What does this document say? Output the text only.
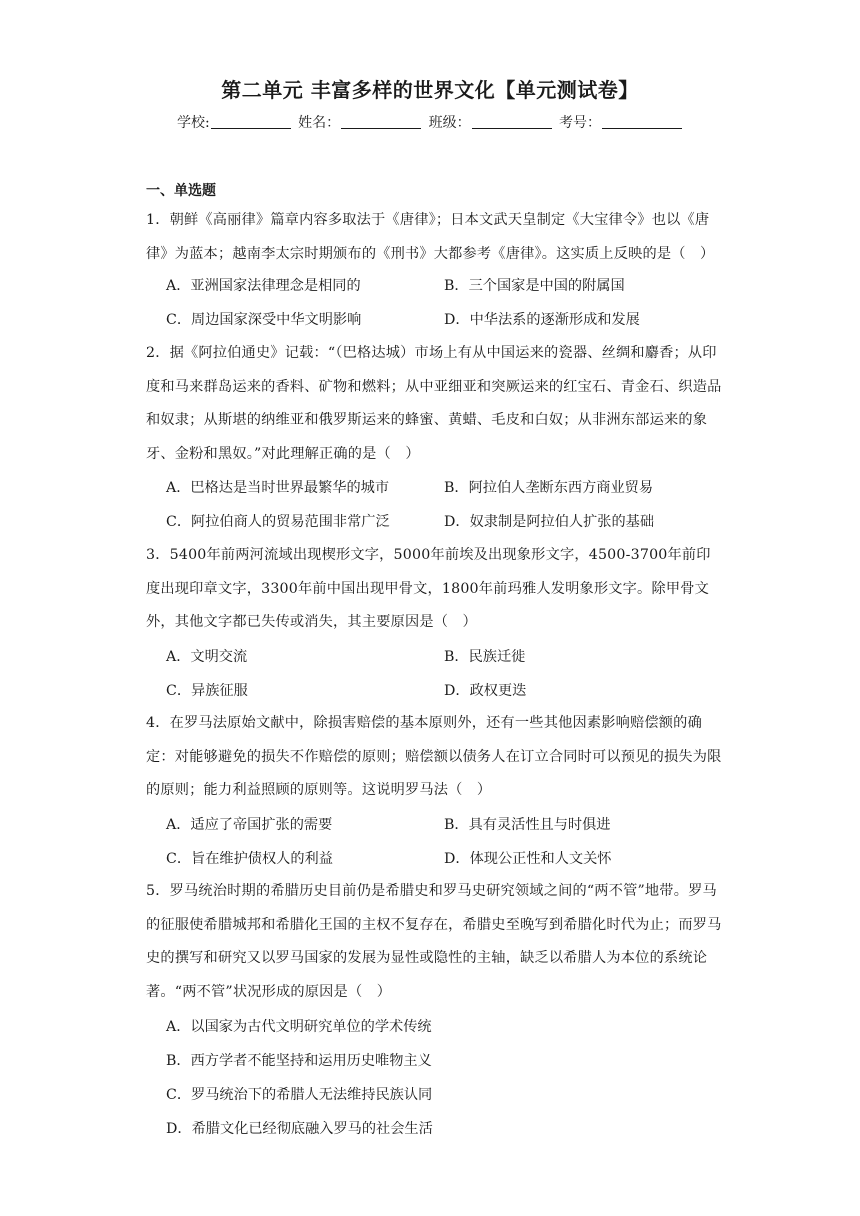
第二单元 丰富多样的世界文化【单元测试卷】
学校:	姓名：	班级：	考号：
一、单选题
1．朝鲜《高丽律》篇章内容多取法于《唐律》；日本文武天皇制定《大宝律令》也以《唐律》为蓝本；越南李太宗时期颁布的《刑书》大都参考《唐律》。这实质上反映的是（　）
A．亚洲国家法律理念是相同的	B．三个国家是中国的附属国
C．周边国家深受中华文明影响	D．中华法系的逐渐形成和发展
2．据《阿拉伯通史》记载：“（巴格达城）市场上有从中国运来的瓷器、丝绸和麝香；从印度和马来群岛运来的香料、矿物和燃料；从中亚细亚和突厥运来的红宝石、青金石、织造品和奴隶；从斯堪的纳维亚和俄罗斯运来的蜂蜜、黄蜡、毛皮和白奴；从非洲东部运来的象牙、金粉和黑奴。”对此理解正确的是（　）
A．巴格达是当时世界最繁华的城市	B．阿拉伯人垄断东西方商业贸易
C．阿拉伯商人的贸易范围非常广泛	D．奴隶制是阿拉伯人扩张的基础
3．5400年前两河流域出现楔形文字，5000年前埃及出现象形文字，4500-3700年前印度出现印章文字，3300年前中国出现甲骨文，1800年前玛雅人发明象形文字。除甲骨文外，其他文字都已失传或消失，其主要原因是（　）
A．文明交流	B．民族迁徙
C．异族征服	D．政权更迭
4．在罗马法原始文献中，除损害赔偿的基本原则外，还有一些其他因素影响赔偿额的确定：对能够避免的损失不作赔偿的原则；赔偿额以债务人在订立合同时可以预见的损失为限的原则；能力利益照顾的原则等。这说明罗马法（　）
A．适应了帝国扩张的需要	B．具有灵活性且与时俱进
C．旨在维护债权人的利益	D．体现公正性和人文关怀
5．罗马统治时期的希腊历史目前仍是希腊史和罗马史研究领域之间的“两不管”地带。罗马的征服使希腊城邦和希腊化王国的主权不复存在，希腊史至晚写到希腊化时代为止；而罗马史的撰写和研究又以罗马国家的发展为显性或隐性的主轴，缺乏以希腊人为本位的系统论著。“两不管”状况形成的原因是（　）
A．以国家为古代文明研究单位的学术传统
B．西方学者不能坚持和运用历史唯物主义
C．罗马统治下的希腊人无法维持民族认同
D．希腊文化已经彻底融入罗马的社会生活
